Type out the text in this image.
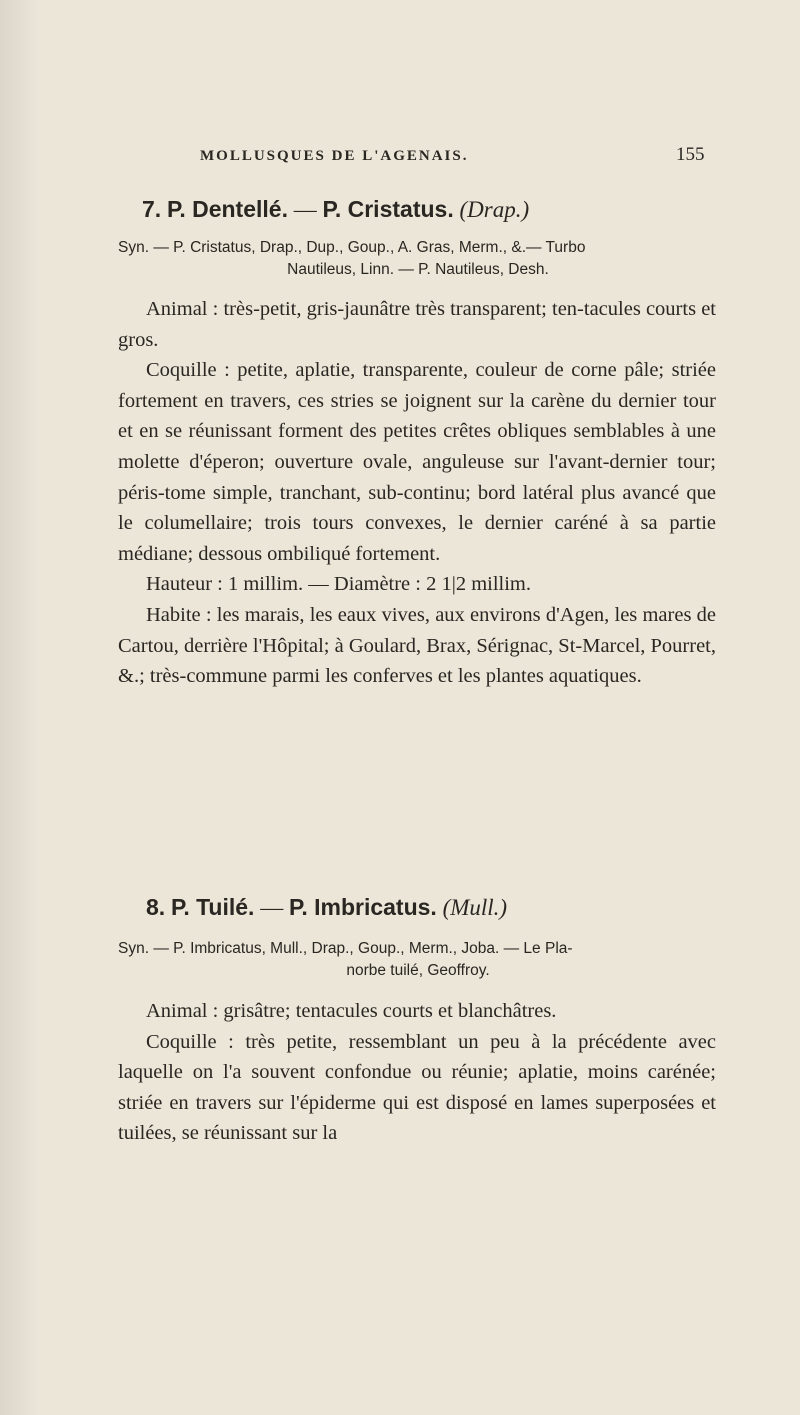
MOLLUSQUES DE L'AGENAIS.	155
7. P. Dentellé. — P. Cristatus. (Drap.)
Syn. — P. Cristatus, Drap., Dup., Goup., A. Gras, Merm., &.— Turbo
Nautileus, Linn. — P. Nautileus, Desh.

Animal : très-petit, gris-jaunâtre très transparent; ten-tacules courts et gros.

Coquille : petite, aplatie, transparente, couleur de corne pâle; striée fortement en travers, ces stries se joignent sur la carène du dernier tour et en se réunissant forment des petites crêtes obliques semblables à une molette d'éperon; ouverture ovale, anguleuse sur l'avant-dernier tour; péris-tome simple, tranchant, sub-continu; bord latéral plus avancé que le columellaire; trois tours convexes, le dernier caréné à sa partie médiane; dessous ombiliqué fortement.

Hauteur : 1 millim. — Diamètre : 2 1|2 millim.

Habite : les marais, les eaux vives, aux environs d'Agen, les mares de Cartou, derrière l'Hôpital; à Goulard, Brax, Sérignac, St-Marcel, Pourret, &.; très-commune parmi les conferves et les plantes aquatiques.

8. P. Tuilé. — P. Imbricatus. (Mull.)
Syn. — P. Imbricatus, Mull., Drap., Goup., Merm., Joba. — Le Pla-
norbe tuilé, Geoffroy.

Animal : grisâtre; tentacules courts et blanchâtres.

Coquille : très petite, ressemblant un peu à la précédente avec laquelle on l'a souvent confondue ou réunie; aplatie, moins carénée; striée en travers sur l'épiderme qui est disposé en lames superposées et tuilées, se réunissant sur la
